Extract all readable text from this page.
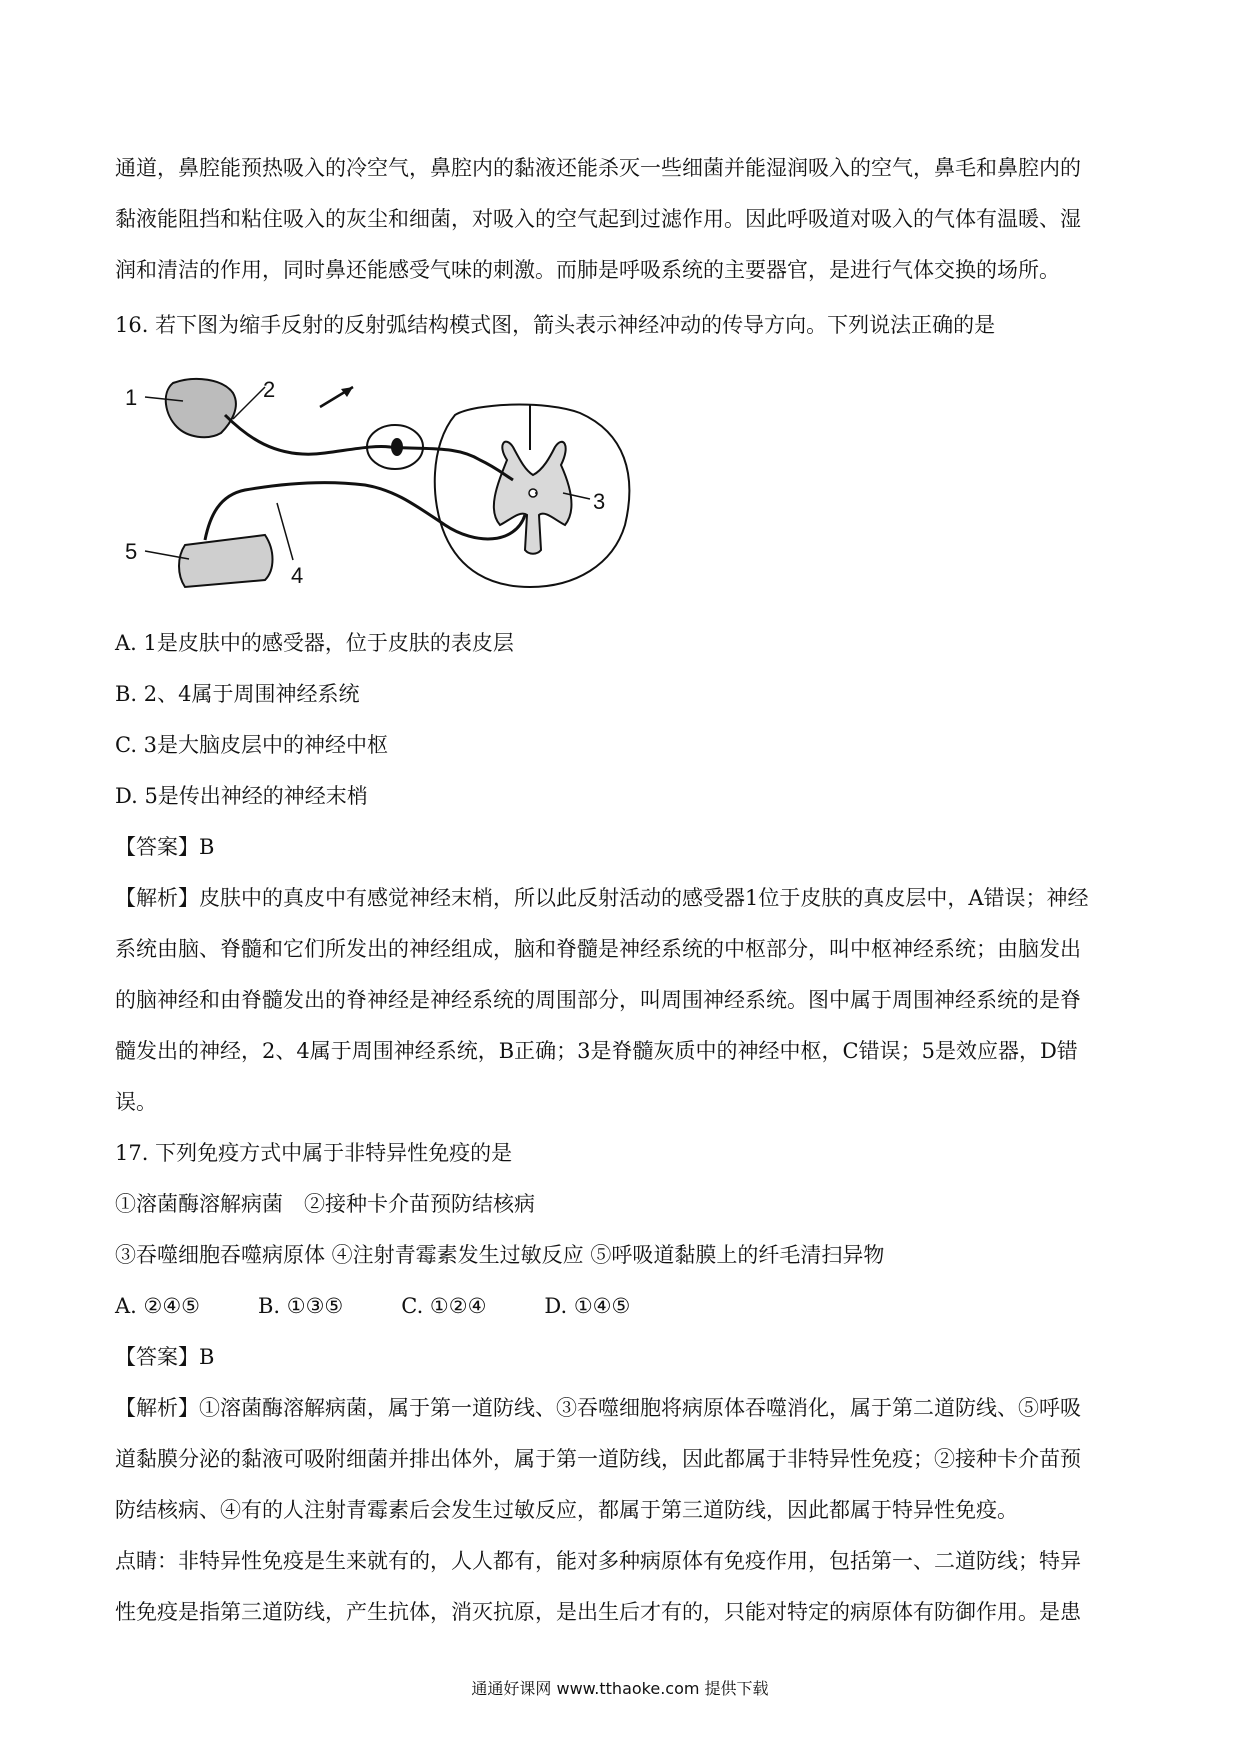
通道，鼻腔能预热吸入的冷空气，鼻腔内的黏液还能杀灭一些细菌并能湿润吸入的空气，鼻毛和鼻腔内的
黏液能阻挡和粘住吸入的灰尘和细菌，对吸入的空气起到过滤作用。因此呼吸道对吸入的气体有温暖、湿
润和清洁的作用，同时鼻还能感受气味的刺激。而肺是呼吸系统的主要器官，是进行气体交换的场所。
16. 若下图为缩手反射的反射弧结构模式图，箭头表示神经冲动的传导方向。下列说法正确的是
1	2
3
4
5
A. 1是皮肤中的感受器，位于皮肤的表皮层
B. 2、4属于周围神经系统
C. 3是大脑皮层中的神经中枢
D. 5是传出神经的神经末梢
【答案】B
【解析】皮肤中的真皮中有感觉神经末梢，所以此反射活动的感受器1位于皮肤的真皮层中，A错误；神经
系统由脑、脊髓和它们所发出的神经组成，脑和脊髓是神经系统的中枢部分，叫中枢神经系统；由脑发出
的脑神经和由脊髓发出的脊神经是神经系统的周围部分，叫周围神经系统。图中属于周围神经系统的是脊
髓发出的神经，2、4属于周围神经系统，B正确；3是脊髓灰质中的神经中枢，C错误；5是效应器，D错
误。
17. 下列免疫方式中属于非特异性免疫的是
①溶菌酶溶解病菌　②接种卡介苗预防结核病
③吞噬细胞吞噬病原体 ④注射青霉素发生过敏反应 ⑤呼吸道黏膜上的纤毛清扫异物
A. ②④⑤	B. ①③⑤	C. ①②④	D. ①④⑤
【答案】B
【解析】①溶菌酶溶解病菌，属于第一道防线、③吞噬细胞将病原体吞噬消化，属于第二道防线、⑤呼吸
道黏膜分泌的黏液可吸附细菌并排出体外，属于第一道防线，因此都属于非特异性免疫；②接种卡介苗预
防结核病、④有的人注射青霉素后会发生过敏反应，都属于第三道防线，因此都属于特异性免疫。
点睛：非特异性免疫是生来就有的，人人都有，能对多种病原体有免疫作用，包括第一、二道防线；特异
性免疫是指第三道防线，产生抗体，消灭抗原，是出生后才有的，只能对特定的病原体有防御作用。是患
通通好课网 www.tthaoke.com 提供下载
